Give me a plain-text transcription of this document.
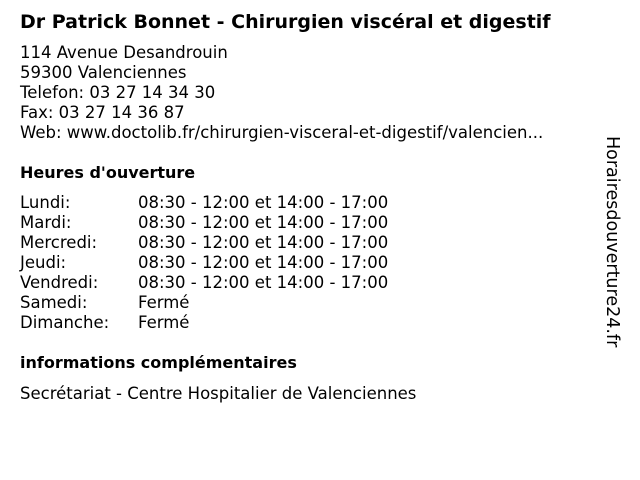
Dr Patrick Bonnet - Chirurgien viscéral et digestif
114 Avenue Desandrouin
59300 Valenciennes
Telefon: 03 27 14 34 30
Fax: 03 27 14 36 87
Web: www.doctolib.fr/chirurgien-visceral-et-digestif/valencien...
Heures d'ouverture
Lundi:	08:30 - 12:00 et 14:00 - 17:00
Mardi:	08:30 - 12:00 et 14:00 - 17:00
Mercredi:	08:30 - 12:00 et 14:00 - 17:00
Jeudi:	08:30 - 12:00 et 14:00 - 17:00
Vendredi:	08:30 - 12:00 et 14:00 - 17:00
Samedi:	Fermé
Dimanche:	Fermé
informations complémentaires
Secrétariat - Centre Hospitalier de Valenciennes
Horairesdouverture24.fr
